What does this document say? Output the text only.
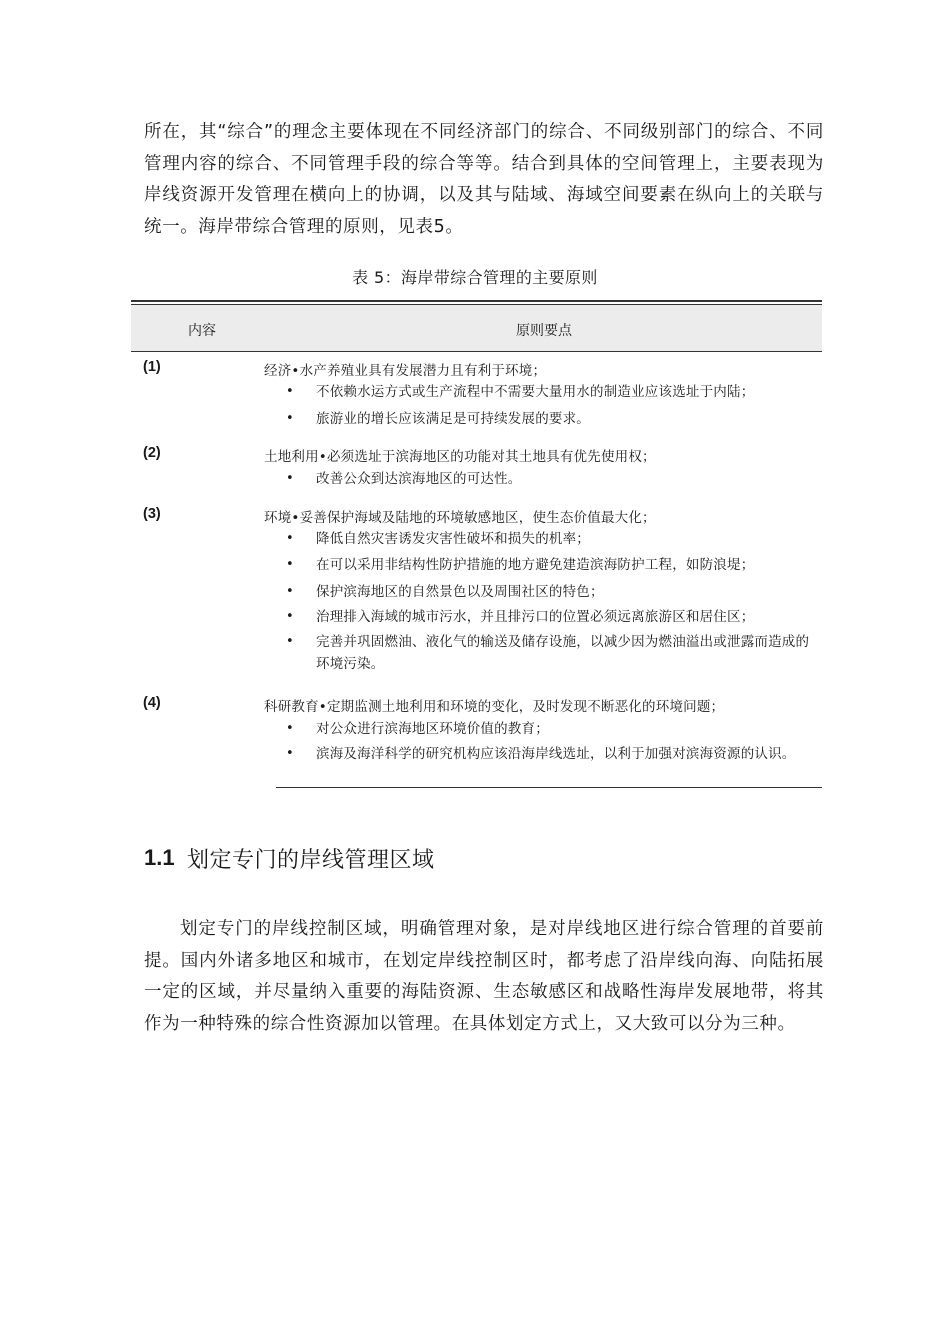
所在，其“综合”的理念主要体现在不同经济部门的综合、不同级别部门的综合、不同管理内容的综合、不同管理手段的综合等等。结合到具体的空间管理上，主要表现为岸线资源开发管理在横向上的协调，以及其与陆域、海域空间要素在纵向上的关联与统一。海岸带综合管理的原则，见表5。

表 5：海岸带综合管理的主要原则
内容	原则要点
(1)	经济•水产养殖业具有发展潜力且有利于环境；
• 不依赖水运方式或生产流程中不需要大量用水的制造业应该选址于内陆；
• 旅游业的增长应该满足是可持续发展的要求。
(2)	土地利用•必须选址于滨海地区的功能对其土地具有优先使用权；
• 改善公众到达滨海地区的可达性。
(3)	环境•妥善保护海域及陆地的环境敏感地区，使生态价值最大化；
• 降低自然灾害诱发灾害性破坏和损失的机率；
• 在可以采用非结构性防护措施的地方避免建造滨海防护工程，如防浪堤；
• 保护滨海地区的自然景色以及周围社区的特色；
• 治理排入海域的城市污水，并且排污口的位置必须远离旅游区和居住区；
• 完善并巩固燃油、液化气的输送及储存设施，以减少因为燃油溢出或泄露而造成的环境污染。
(4)	科研教育•定期监测土地利用和环境的变化，及时发现不断恶化的环境问题；
• 对公众进行滨海地区环境价值的教育；
• 滨海及海洋科学的研究机构应该沿海岸线选址，以利于加强对滨海资源的认识。
1.1 划定专门的岸线管理区域

划定专门的岸线控制区域，明确管理对象，是对岸线地区进行综合管理的首要前提。国内外诸多地区和城市，在划定岸线控制区时，都考虑了沿岸线向海、向陆拓展一定的区域，并尽量纳入重要的海陆资源、生态敏感区和战略性海岸发展地带，将其作为一种特殊的综合性资源加以管理。在具体划定方式上，又大致可以分为三种。
